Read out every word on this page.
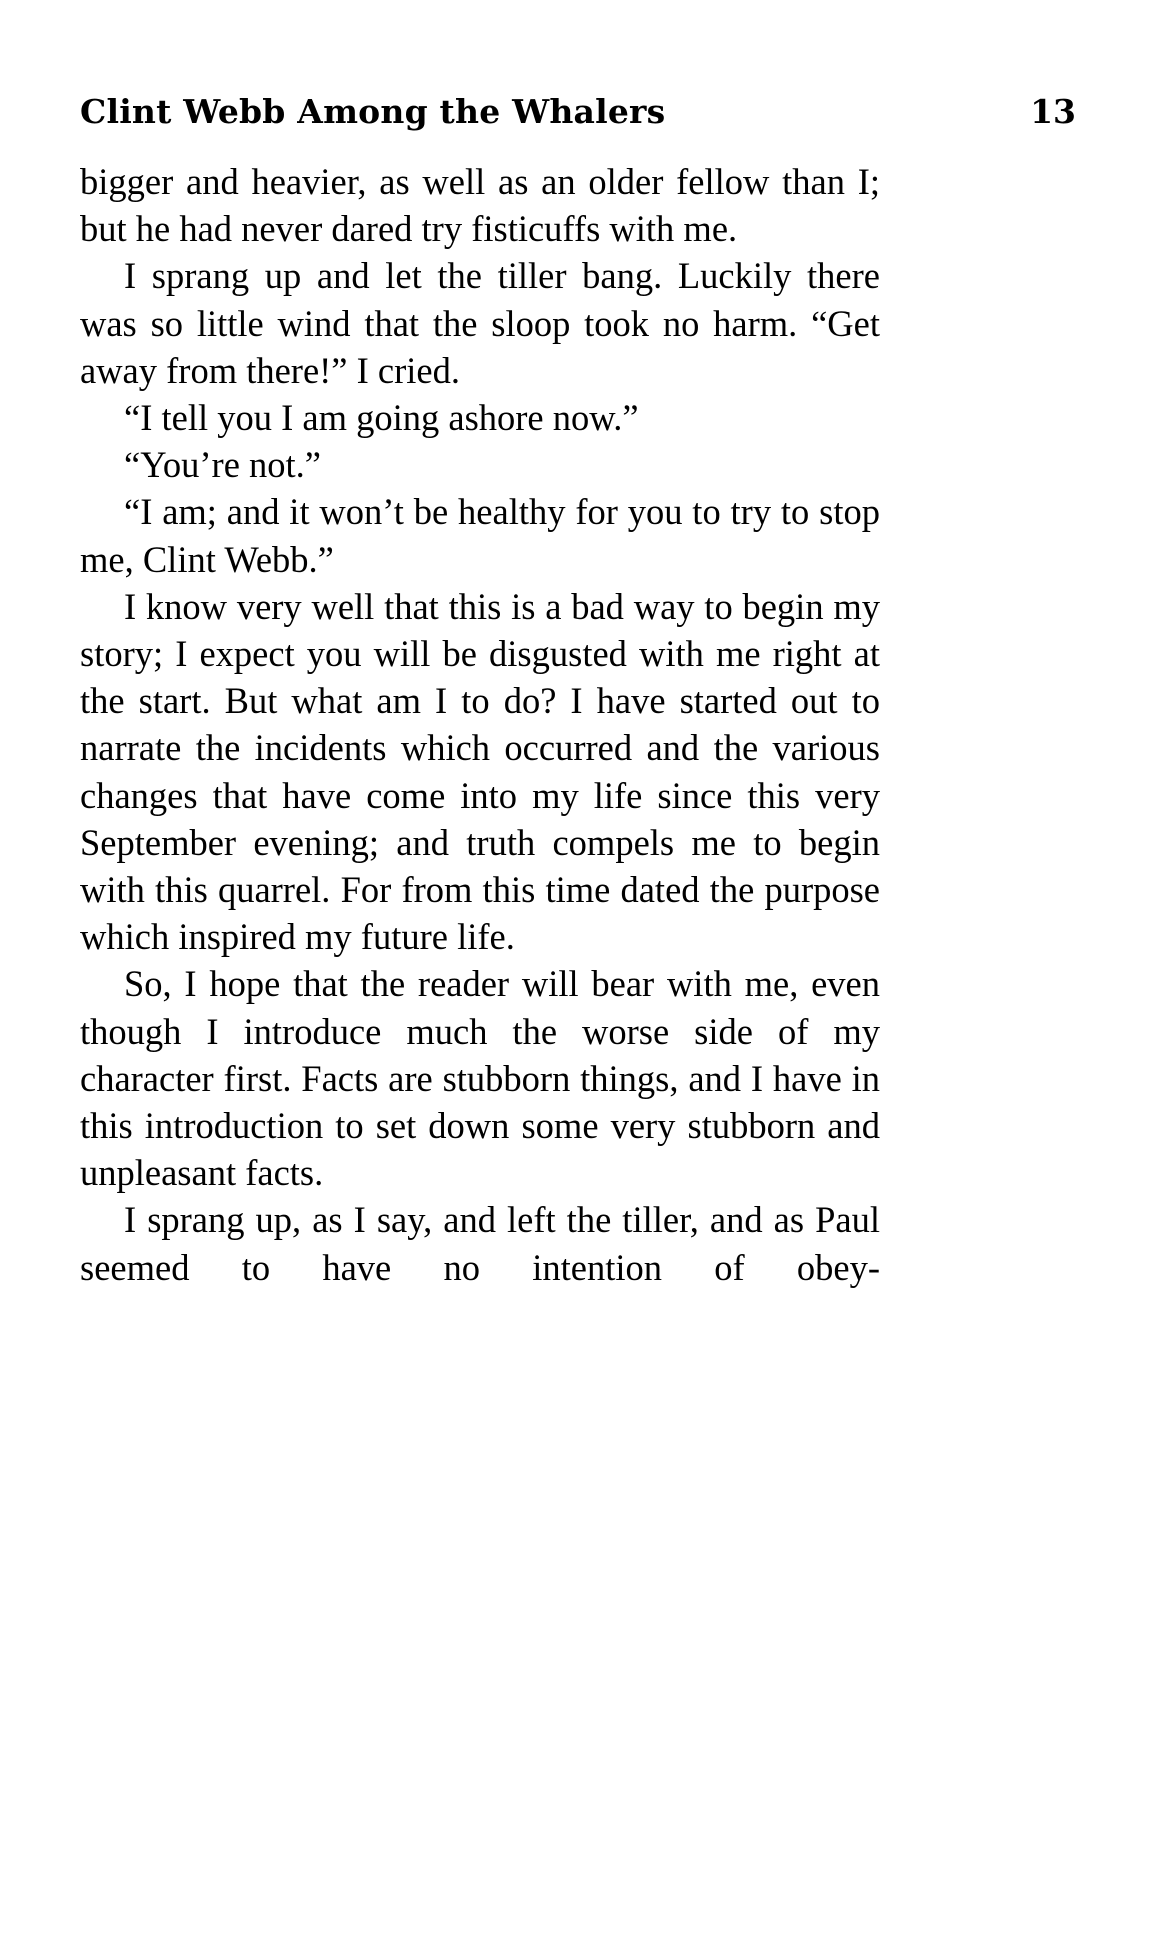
Clint Webb Among the Whalers	13

bigger and heavier, as well as an older fellow than I; but he had never dared try fisticuffs with me.

I sprang up and let the tiller bang. Luckily there was so little wind that the sloop took no harm. “Get away from there!” I cried.

“I tell you I am going ashore now.”

“You’re not.”

“I am; and it won’t be healthy for you to try to stop me, Clint Webb.”

I know very well that this is a bad way to begin my story; I expect you will be disgusted with me right at the start. But what am I to do? I have started out to narrate the incidents which occurred and the various changes that have come into my life since this very September evening; and truth compels me to begin with this quarrel. For from this time dated the purpose which inspired my future life.

So, I hope that the reader will bear with me, even though I introduce much the worse side of my character first. Facts are stubborn things, and I have in this introduction to set down some very stubborn and unpleasant facts.

I sprang up, as I say, and left the tiller, and as Paul seemed to have no intention of obey-
